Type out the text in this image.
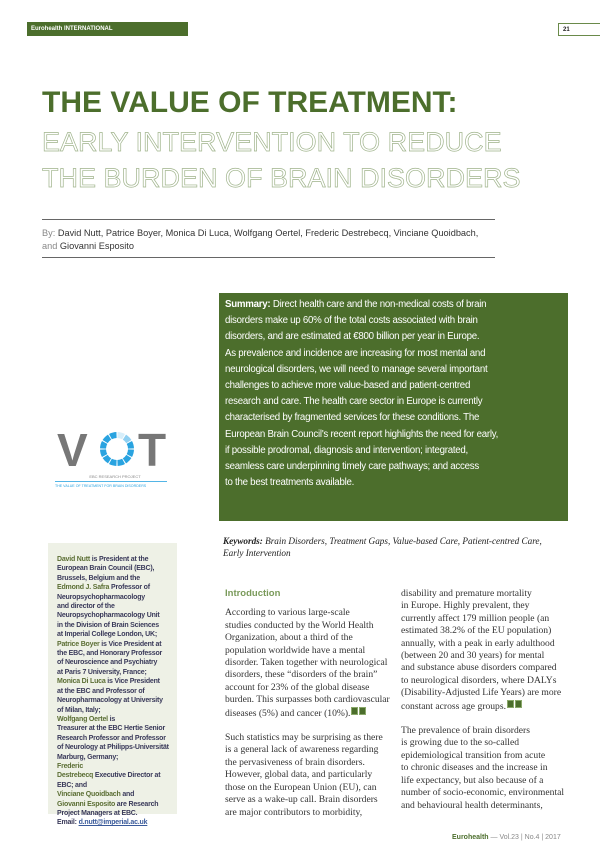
Eurohealth INTERNATIONAL	21
THE VALUE OF TREATMENT:
EARLY INTERVENTION TO REDUCE
THE BURDEN OF BRAIN DISORDERS
By: David Nutt, Patrice Boyer, Monica Di Luca, Wolfgang Oertel, Frederic Destrebecq, Vinciane Quoidbach,
and Giovanni Esposito
Summary: Direct health care and the non-medical costs of brain
disorders make up 60% of the total costs associated with brain
disorders, and are estimated at €800 billion per year in Europe.
As prevalence and incidence are increasing for most mental and
neurological disorders, we will need to manage several important
challenges to achieve more value-based and patient-centred
research and care. The health care sector in Europe is currently
characterised by fragmented services for these conditions. The
European Brain Council's recent report highlights the need for early,
if possible prodromal, diagnosis and intervention; integrated,
seamless care underpinning timely care pathways; and access
to the best treatments available.
V T
EBC RESEARCH PROJECT
THE VALUE OF TREATMENT FOR BRAIN DISORDERS
David Nutt is President at the
European Brain Council (EBC),
Brussels, Belgium and the
Edmond J. Safra Professor of
Neuropsychopharmacology
and director of the
Neuropsychopharmacology Unit
in the Division of Brain Sciences
at Imperial College London, UK;
Patrice Boyer is Vice President at
the EBC, and Honorary Professor
of Neuroscience and Psychiatry
at Paris 7 University, France;
Monica Di Luca is Vice President
at the EBC and Professor of
Neuropharmacology at University
of Milan, Italy;
Wolfgang Oertel is
Treasurer at the EBC Hertie Senior
Research Professor and Professor
of Neurology at Philipps-Universität
Marburg, Germany;
Frederic
Destrebecq Executive Director at
EBC; and
Vinciane Quoidbach and
Giovanni Esposito are Research
Project Managers at EBC.
Email: d.nutt@imperial.ac.uk
Keywords: Brain Disorders, Treatment Gaps, Value-based Care, Patient-centred Care,
Early Intervention
Introduction
According to various large-scale
studies conducted by the World Health
Organization, about a third of the
population worldwide have a mental
disorder. Taken together with neurological
disorders, these “disorders of the brain”
account for 23% of the global disease
burden. This surpasses both cardiovascular
diseases (5%) and cancer (10%).
Such statistics may be surprising as there
is a general lack of awareness regarding
the pervasiveness of brain disorders.
However, global data, and particularly
those on the European Union (EU), can
serve as a wake-up call. Brain disorders
are major contributors to morbidity,
disability and premature mortality
in Europe. Highly prevalent, they
currently affect 179 million people (an
estimated 38.2% of the EU population)
annually, with a peak in early adulthood
(between 20 and 30 years) for mental
and substance abuse disorders compared
to neurological disorders, where DALYs
(Disability-Adjusted Life Years) are more
constant across age groups.
The prevalence of brain disorders
is growing due to the so-called
epidemiological transition from acute
to chronic diseases and the increase in
life expectancy, but also because of a
number of socio-economic, environmental
and behavioural health determinants,
Eurohealth — Vol.23 | No.4 | 2017
